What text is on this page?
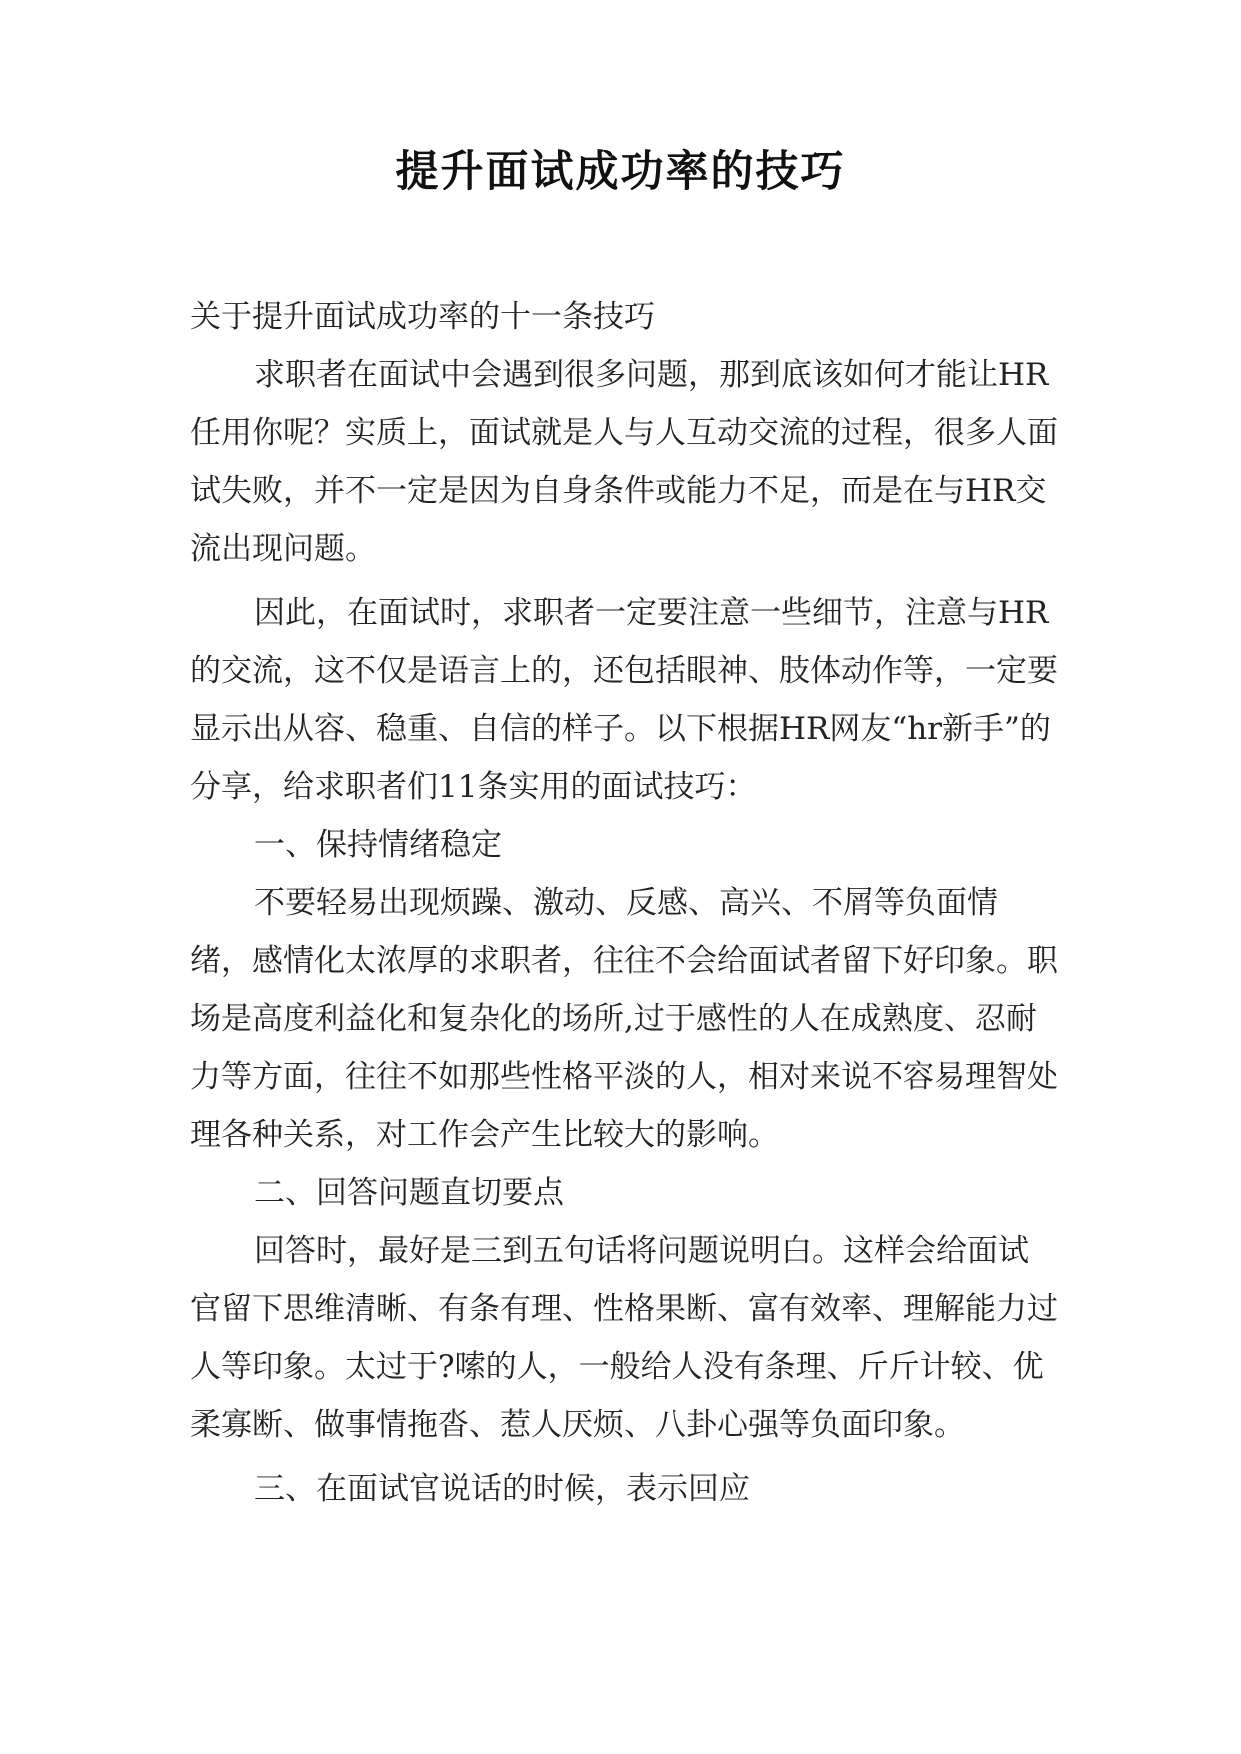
提升面试成功率的技巧

关于提升面试成功率的十一条技巧

求职者在面试中会遇到很多问题，那到底该如何才能让HR任用你呢？实质上，面试就是人与人互动交流的过程，很多人面试失败，并不一定是因为自身条件或能力不足，而是在与HR交流出现问题。

因此，在面试时，求职者一定要注意一些细节，注意与HR的交流，这不仅是语言上的，还包括眼神、肢体动作等，一定要显示出从容、稳重、自信的样子。以下根据HR网友“hr新手”的分享，给求职者们11条实用的面试技巧：

一、保持情绪稳定

不要轻易出现烦躁、激动、反感、高兴、不屑等负面情绪，感情化太浓厚的求职者，往往不会给面试者留下好印象。职场是高度利益化和复杂化的场所,过于感性的人在成熟度、忍耐力等方面，往往不如那些性格平淡的人，相对来说不容易理智处理各种关系，对工作会产生比较大的影响。

二、回答问题直切要点

回答时，最好是三到五句话将问题说明白。这样会给面试官留下思维清晰、有条有理、性格果断、富有效率、理解能力过人等印象。太过于?嗦的人，一般给人没有条理、斤斤计较、优柔寡断、做事情拖沓、惹人厌烦、八卦心强等负面印象。

三、在面试官说话的时候，表示回应
